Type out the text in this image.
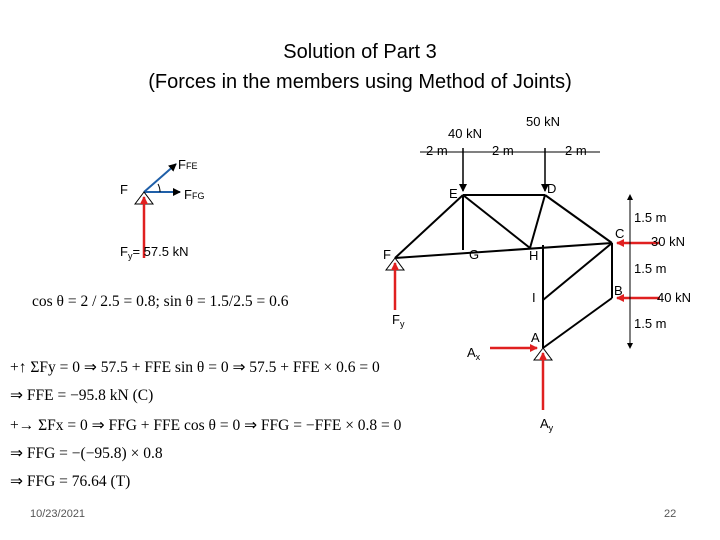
Solution of Part 3
(Forces in the members using Method of Joints)
F
FFE
FFG
$F_y= 57.5$ kN
40 kN
50 kN
2 m	2 m	2 m
E	D
F	G	H
C
I	B
A
$F_y$
$A_x$
$A_y$
1.5 m
1.5 m
1.5 m
30 kN
40 kN
cos θ = 2 / 2.5 = 0.8; sin θ = 1.5/2.5 = 0.6
+↑ ΣFy = 0 ⇒ 57.5 + FFE sin θ = 0 ⇒ 57.5 + FFE × 0.6 = 0
⇒ FFE = −95.8 kN (C)
+→ ΣFx = 0 ⇒ FFG + FFE cos θ = 0 ⇒ FFG = −FFE × 0.8 = 0
⇒ FFG = −(−95.8) × 0.8
⇒ FFG = 76.64 (T)
10/23/2021	22
